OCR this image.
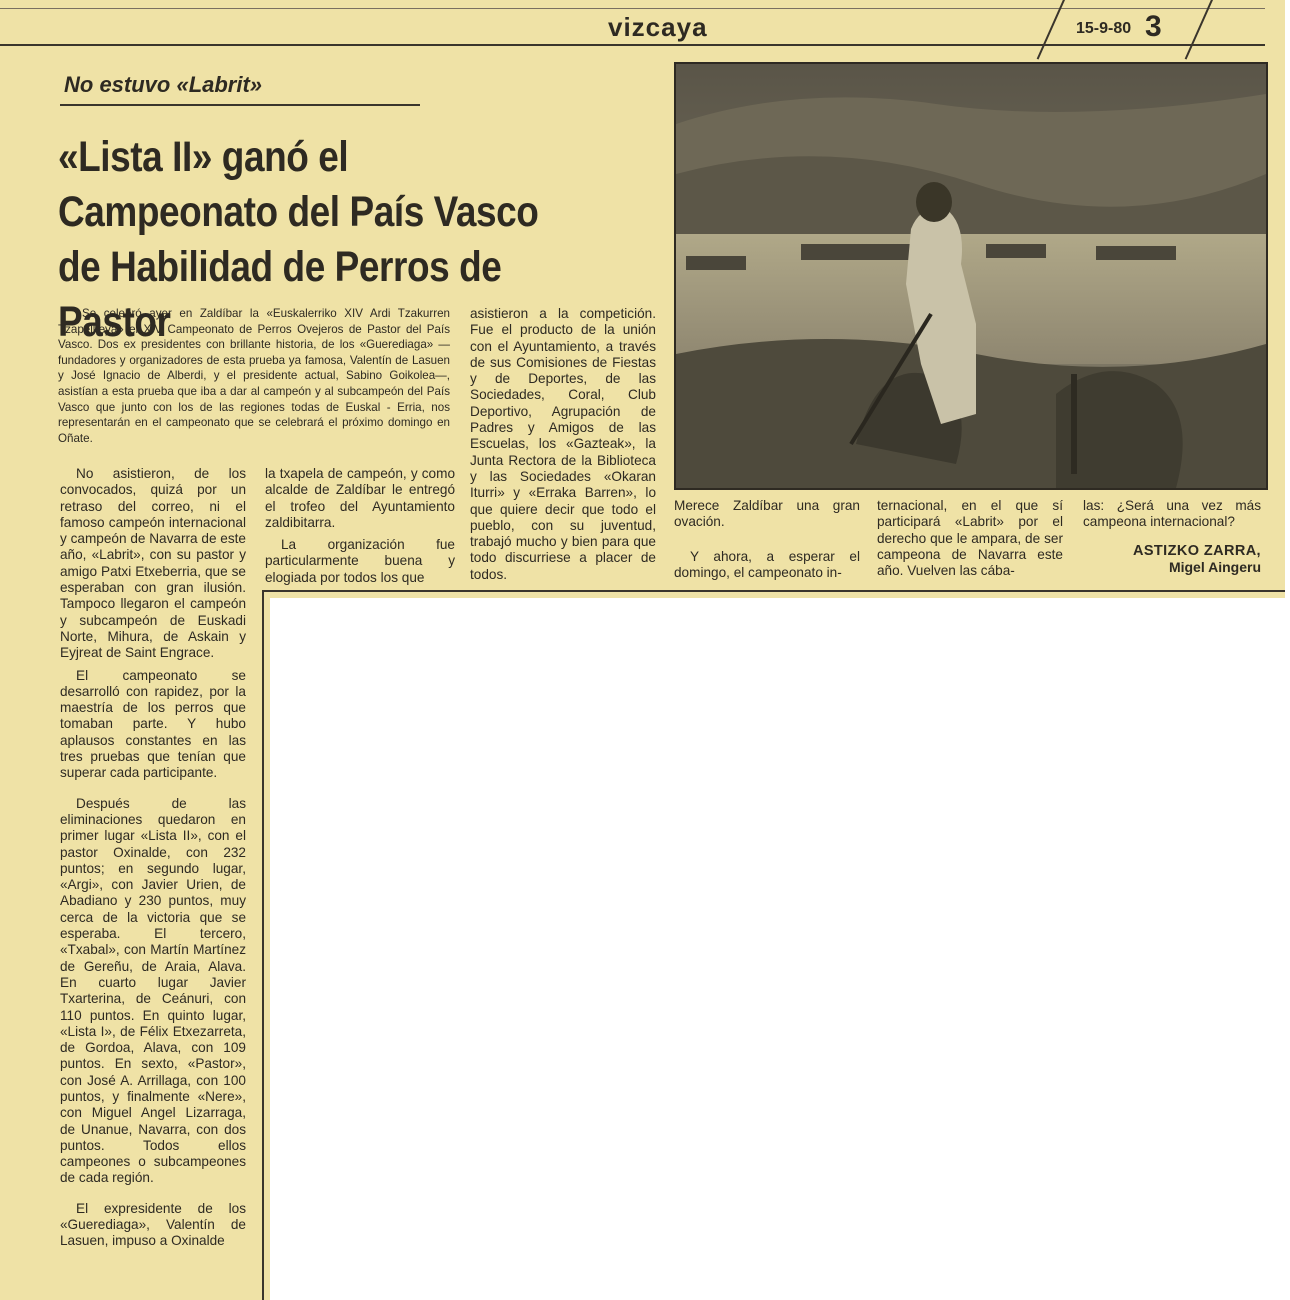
vizcaya	15-9-80 3
No estuvo «Labrit»
«Lista II» ganó el Campeonato del País Vasco de Habilidad de Perros de Pastor
Se celebró ayer en Zaldíbar la «Euskalerriko XIV Ardi Tzakurren Tzapelkeya» el XIV Campeonato de Perros Ovejeros de Pastor del País Vasco. Dos ex presidentes con brillante historia, de los «Guerediaga» —fundadores y organizadores de esta prueba ya famosa, Valentín de Lasuen y José Ignacio de Alberdi, y el presidente actual, Sabino Goikolea—, asistían a esta prueba que iba a dar al campeón y al subcampeón del País Vasco que junto con los de las regiones todas de Euskal - Erria, nos representarán en el campeonato que se celebrará el próximo domingo en Oñate.

No asistieron, de los convocados, quizá por un retraso del correo, ni el famoso campeón internacional y campeón de Navarra de este año, «Labrit», con su pastor y amigo Patxi Etxeberria, que se esperaban con gran ilusión. Tampoco llegaron el campeón y subcampeón de Euskadi Norte, Mihura, de Askain y Eyjreat de Saint Engrace.

El campeonato se desarrolló con rapidez, por la maestría de los perros que tomaban parte. Y hubo aplausos constantes en las tres pruebas que tenían que superar cada participante.

Después de las eliminaciones quedaron en primer lugar «Lista II», con el pastor Oxinalde, con 232 puntos; en segundo lugar, «Argi», con Javier Urien, de Abadiano y 230 puntos, muy cerca de la victoria que se esperaba. El tercero, «Txabal», con Martín Martínez de Gereñu, de Araia, Alava. En cuarto lugar Javier Txarterina, de Ceánuri, con 110 puntos. En quinto lugar, «Lista I», de Félix Etxezarreta, de Gordoa, Alava, con 109 puntos. En sexto, «Pastor», con José A. Arrillaga, con 100 puntos, y finalmente «Nere», con Miguel Angel Lizarraga, de Unanue, Navarra, con dos puntos. Todos ellos campeones o subcampeones de cada región.

El expresidente de los «Guerediaga», Valentín de Lasuen, impuso a Oxinalde

la txapela de campeón, y como alcalde de Zaldíbar le entregó el trofeo del Ayuntamiento zaldibitarra.

La organización fue particularmente buena y elogiada por todos los que

asistieron a la competición. Fue el producto de la unión con el Ayuntamiento, a través de sus Comisiones de Fiestas y de Deportes, de las Sociedades, Coral, Club Deportivo, Agrupación de Padres y Amigos de las Escuelas, los «Gazteak», la Junta Rectora de la Biblioteca y las Sociedades «Okaran Iturri» y «Erraka Barren», lo que quiere decir que todo el pueblo, con su juventud, trabajó mucho y bien para que todo discurriese a placer de todos.

Merece Zaldíbar una gran ovación.

Y ahora, a esperar el domingo, el campeonato in-

ternacional, en el que sí participará «Labrit» por el derecho que le ampara, de ser campeona de Navarra este año. Vuelven las cába-

las: ¿Será una vez más campeona internacional?

ASTIZKO ZARRA,
Migel Aingeru
